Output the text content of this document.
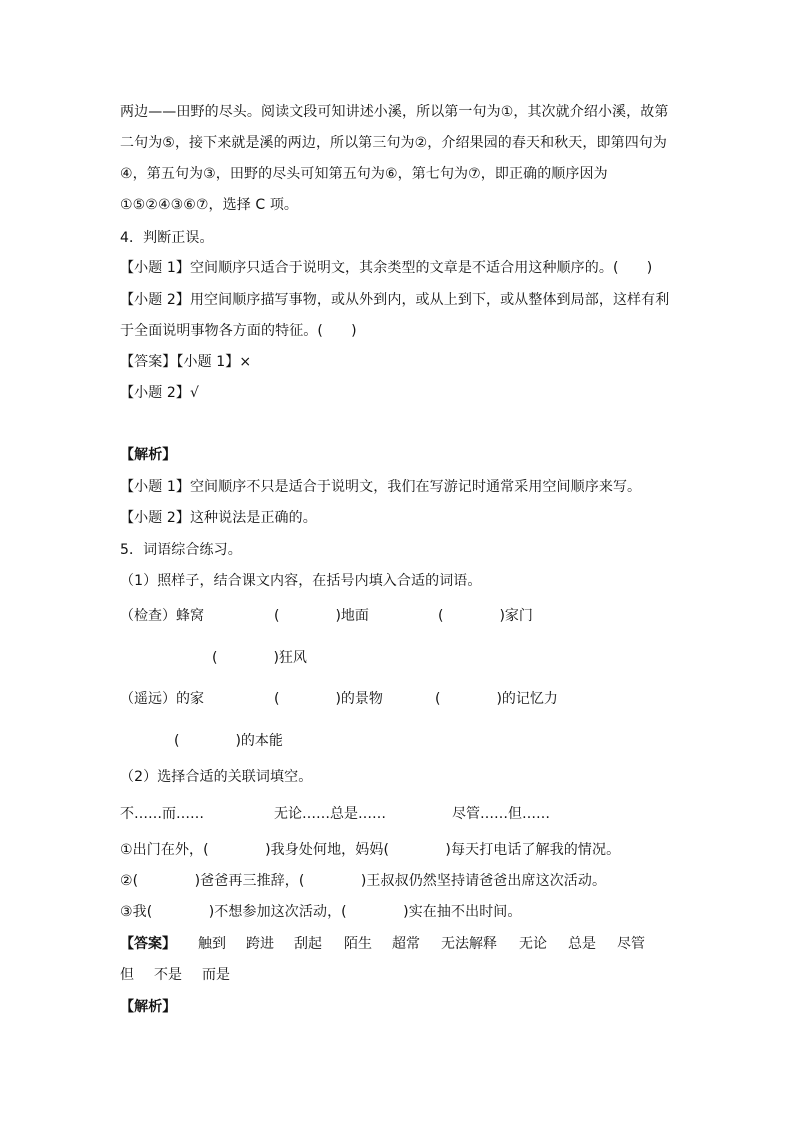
两边——田野的尽头。阅读文段可知讲述小溪，所以第一句为①，其次就介绍小溪，故第
二句为⑤，接下来就是溪的两边，所以第三句为②，介绍果园的春天和秋天，即第四句为
④，第五句为③，田野的尽头可知第五句为⑥，第七句为⑦，即正确的顺序因为
①⑤②④③⑥⑦，选择 C 项。
4．判断正误。
【小题 1】空间顺序只适合于说明文，其余类型的文章是不适合用这种顺序的。(　　)
【小题 2】用空间顺序描写事物，或从外到内，或从上到下，或从整体到局部，这样有利
于全面说明事物各方面的特征。(　　)
【答案】【小题 1】×
【小题 2】√
【解析】
【小题 1】空间顺序不只是适合于说明文，我们在写游记时通常采用空间顺序来写。
【小题 2】这种说法是正确的。
5．词语综合练习。
（1）照样子，结合课文内容，在括号内填入合适的词语。
（检查）蜂窝	(　　　　)地面	(　　　　)家门
(　　　　)狂风
（遥远）的家	(　　　　)的景物	(　　　　)的记忆力
(　　　　)的本能
（2）选择合适的关联词填空。
不……而……	无论……总是……	尽管……但……
①出门在外，(　　　　)我身处何地，妈妈(　　　　)每天打电话了解我的情况。
②(　　　　)爸爸再三推辞，(　　　　)王叔叔仍然坚持请爸爸出席这次活动。
③我(　　　　)不想参加这次活动，(　　　　)实在抽不出时间。
【答案】 触到 跨进 刮起 陌生 超常 无法解释 无论 总是 尽管
但 不是 而是
【解析】
